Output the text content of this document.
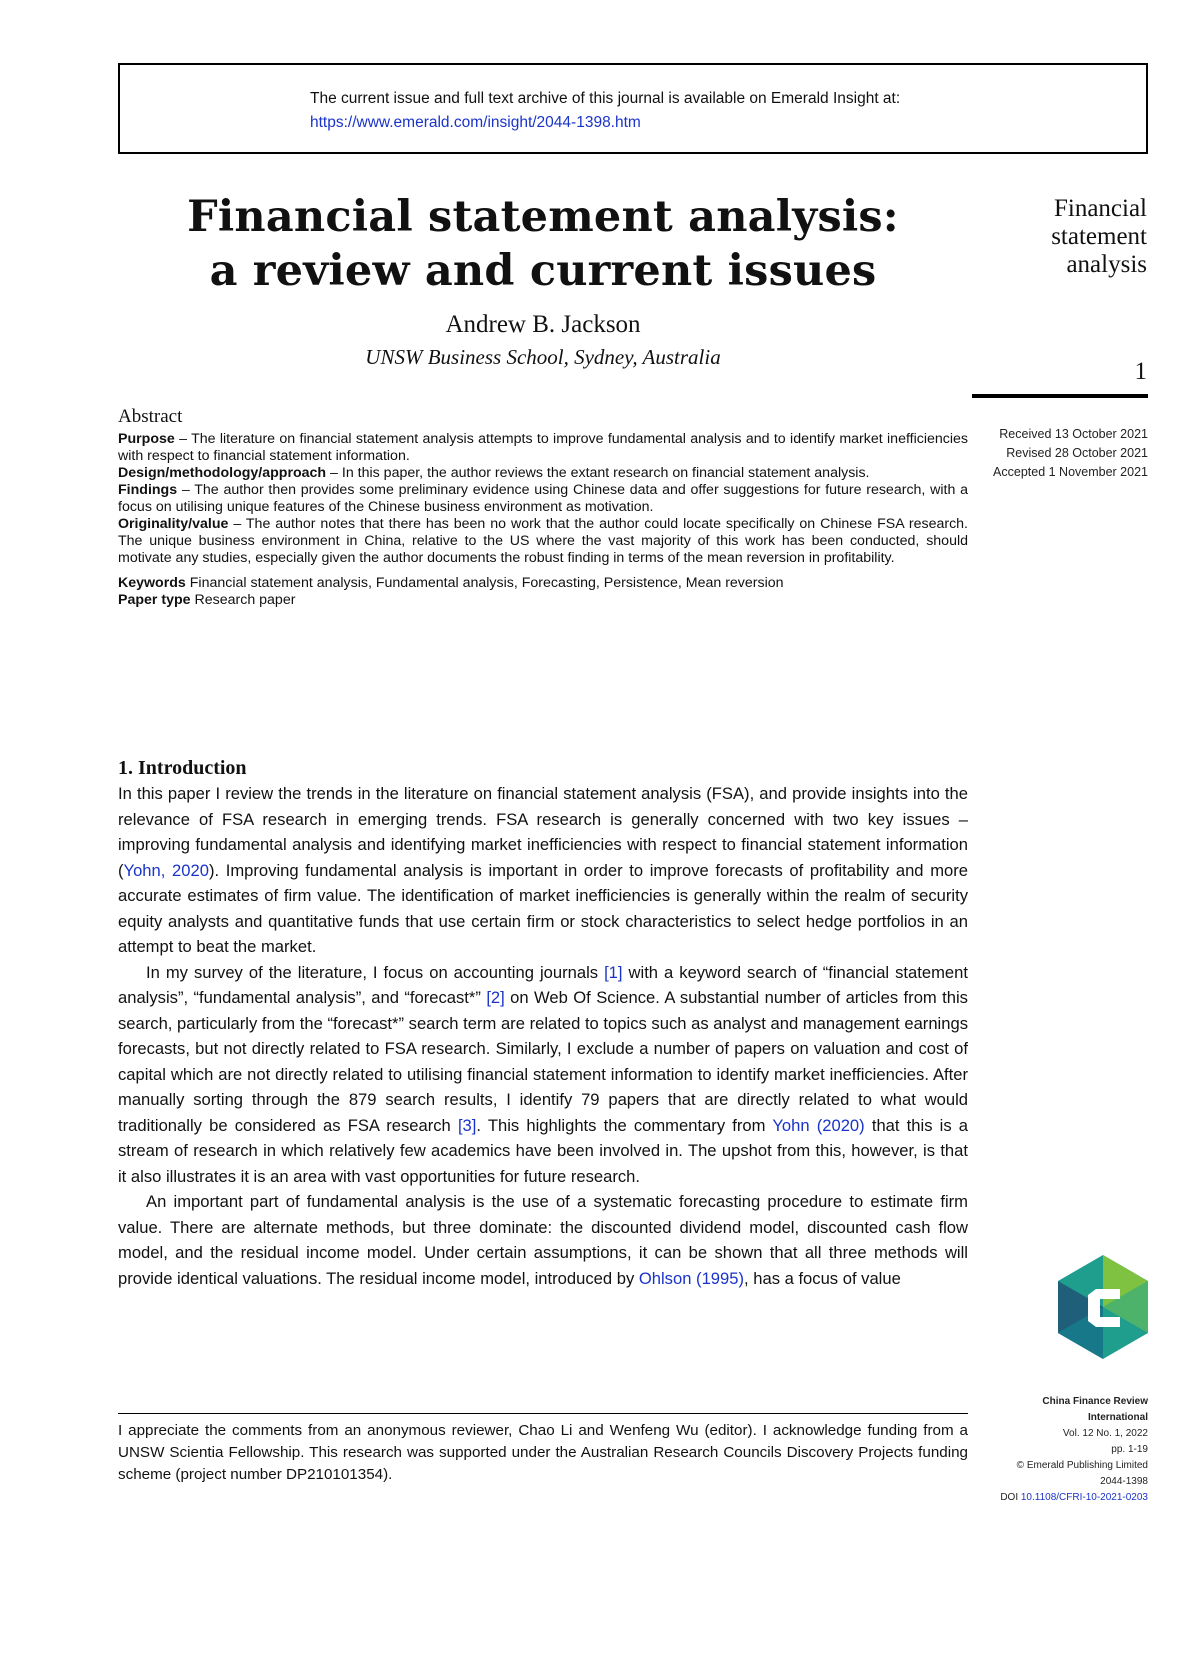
The current issue and full text archive of this journal is available on Emerald Insight at:
https://www.emerald.com/insight/2044-1398.htm
Financial statement analysis:
a review and current issues
Andrew B. Jackson
UNSW Business School, Sydney, Australia
Financial
statement
analysis
1
Received 13 October 2021
Revised 28 October 2021
Accepted 1 November 2021
Abstract

Purpose – The literature on financial statement analysis attempts to improve fundamental analysis and to identify market inefficiencies with respect to financial statement information.

Design/methodology/approach – In this paper, the author reviews the extant research on financial statement analysis.

Findings – The author then provides some preliminary evidence using Chinese data and offer suggestions for future research, with a focus on utilising unique features of the Chinese business environment as motivation.

Originality/value – The author notes that there has been no work that the author could locate specifically on Chinese FSA research. The unique business environment in China, relative to the US where the vast majority of this work has been conducted, should motivate any studies, especially given the author documents the robust finding in terms of the mean reversion in profitability.

Keywords Financial statement analysis, Fundamental analysis, Forecasting, Persistence, Mean reversion

Paper type Research paper

1. Introduction

In this paper I review the trends in the literature on financial statement analysis (FSA), and provide insights into the relevance of FSA research in emerging trends. FSA research is generally concerned with two key issues – improving fundamental analysis and identifying market inefficiencies with respect to financial statement information (Yohn, 2020). Improving fundamental analysis is important in order to improve forecasts of profitability and more accurate estimates of firm value. The identification of market inefficiencies is generally within the realm of security equity analysts and quantitative funds that use certain firm or stock characteristics to select hedge portfolios in an attempt to beat the market.

In my survey of the literature, I focus on accounting journals [1] with a keyword search of “financial statement analysis”, “fundamental analysis”, and “forecast*” [2] on Web Of Science. A substantial number of articles from this search, particularly from the “forecast*” search term are related to topics such as analyst and management earnings forecasts, but not directly related to FSA research. Similarly, I exclude a number of papers on valuation and cost of capital which are not directly related to utilising financial statement information to identify market inefficiencies. After manually sorting through the 879 search results, I identify 79 papers that are directly related to what would traditionally be considered as FSA research [3]. This highlights the commentary from Yohn (2020) that this is a stream of research in which relatively few academics have been involved in. The upshot from this, however, is that it also illustrates it is an area with vast opportunities for future research.

An important part of fundamental analysis is the use of a systematic forecasting procedure to estimate firm value. There are alternate methods, but three dominate: the discounted dividend model, discounted cash flow model, and the residual income model. Under certain assumptions, it can be shown that all three methods will provide identical valuations. The residual income model, introduced by Ohlson (1995), has a focus of value

I appreciate the comments from an anonymous reviewer, Chao Li and Wenfeng Wu (editor). I acknowledge funding from a UNSW Scientia Fellowship. This research was supported under the Australian Research Councils Discovery Projects funding scheme (project number DP210101354).
China Finance Review
International
Vol. 12 No. 1, 2022
pp. 1-19
© Emerald Publishing Limited
2044-1398
DOI 10.1108/CFRI-10-2021-0203
